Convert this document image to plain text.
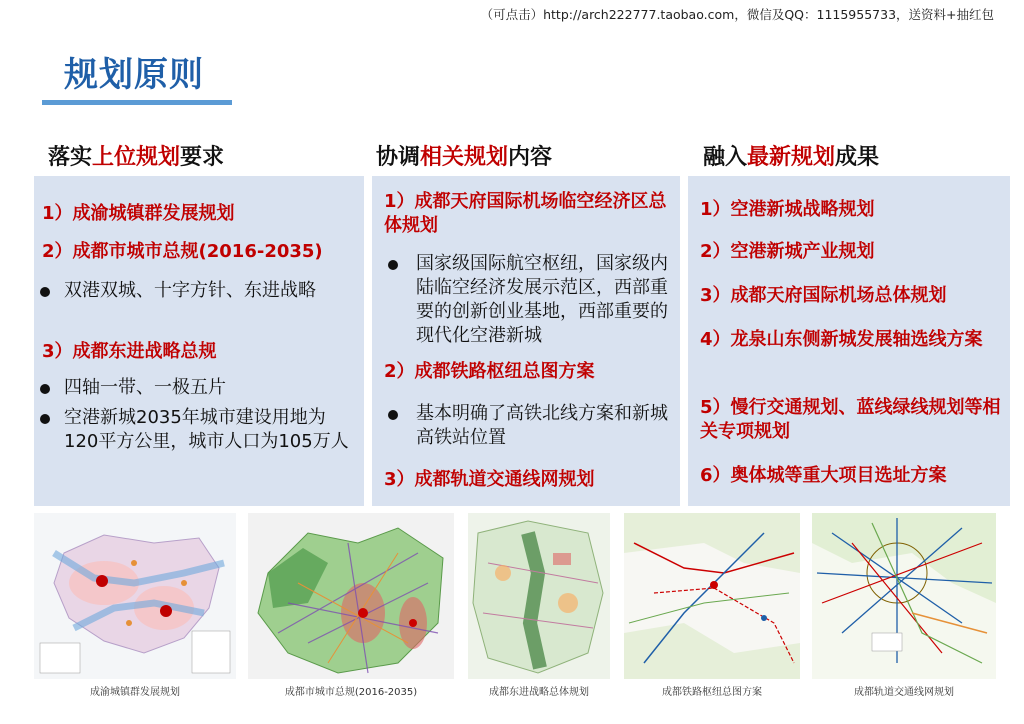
（可点击）http://arch222777.taobao.com，微信及QQ：1115955733，送资料+抽红包
规划原则
落实上位规划要求	协调相关规划内容	融入最新规划成果
1）成渝城镇群发展规划
2）成都市城市总规(2016-2035)
双港双城、十字方针、东进战略
3）成都东进战略总规
四轴一带、一极五片
空港新城2035年城市建设用地为120平方公里，城市人口为105万人
1）成都天府国际机场临空经济区总体规划
国家级国际航空枢纽，国家级内陆临空经济发展示范区，西部重要的创新创业基地，西部重要的现代化空港新城
2）成都铁路枢纽总图方案
基本明确了高铁北线方案和新城高铁站位置
3）成都轨道交通线网规划
1）空港新城战略规划
2）空港新城产业规划
3）成都天府国际机场总体规划
4）龙泉山东侧新城发展轴选线方案
5）慢行交通规划、蓝线绿线规划等相关专项规划
6）奥体城等重大项目选址方案
成渝城镇群发展规划	成都市城市总规(2016-2035)	成都东进战略总体规划	成都铁路枢纽总图方案	成都轨道交通线网规划
